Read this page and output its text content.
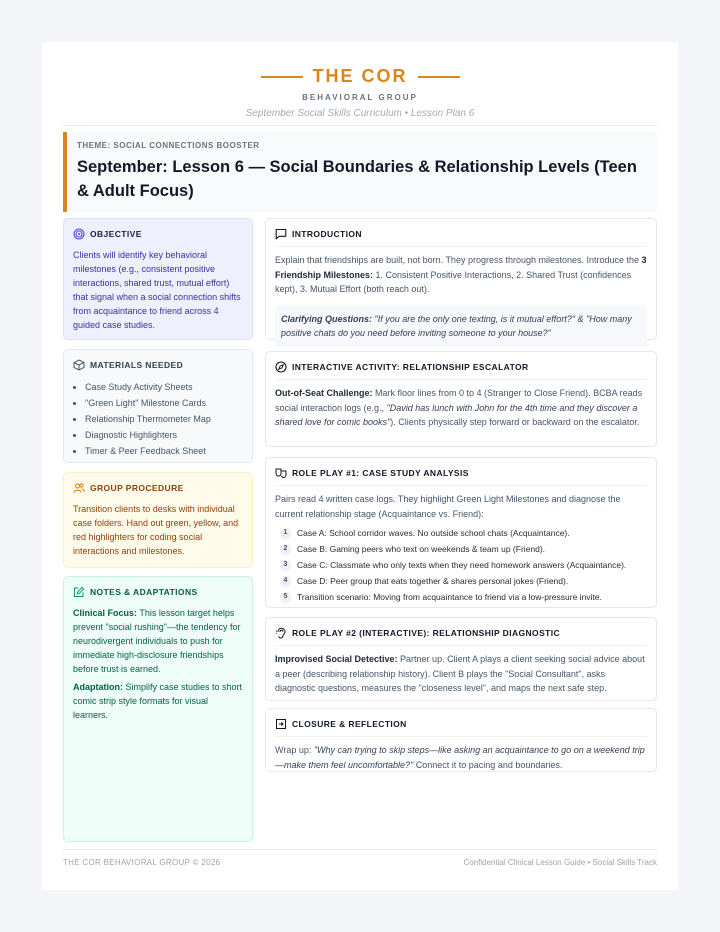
THE COR
BEHAVIORAL GROUP
September Social Skills Curriculum • Lesson Plan 6
THEME: SOCIAL CONNECTIONS BOOSTER
September: Lesson 6 — Social Boundaries & Relationship Levels (Teen & Adult Focus)
OBJECTIVE
Clients will identify key behavioral milestones (e.g., consistent positive interactions, shared trust, mutual effort) that signal when a social connection shifts from acquaintance to friend across 4 guided case studies.
MATERIALS NEEDED
• Case Study Activity Sheets
• "Green Light" Milestone Cards
• Relationship Thermometer Map
• Diagnostic Highlighters
• Timer & Peer Feedback Sheet
GROUP PROCEDURE
Transition clients to desks with individual case folders. Hand out green, yellow, and red highlighters for coding social interactions and milestones.
NOTES & ADAPTATIONS

Clinical Focus: This lesson target helps prevent "social rushing"—the tendency for neurodivergent individuals to push for immediate high-disclosure friendships before trust is earned.

Adaptation: Simplify case studies to short comic strip style formats for visual learners.

INTRODUCTION
Explain that friendships are built, not born. They progress through milestones. Introduce the 3 Friendship Milestones: 1. Consistent Positive Interactions, 2. Shared Trust (confidences kept), 3. Mutual Effort (both reach out).
Clarifying Questions: "If you are the only one texting, is it mutual effort?" & "How many positive chats do you need before inviting someone to your house?"
INTERACTIVE ACTIVITY: RELATIONSHIP ESCALATOR
Out-of-Seat Challenge: Mark floor lines from 0 to 4 (Stranger to Close Friend). BCBA reads social interaction logs (e.g., "David has lunch with John for the 4th time and they discover a shared love for comic books"). Clients physically step forward or backward on the escalator.
ROLE PLAY #1: CASE STUDY ANALYSIS
Pairs read 4 written case logs. They highlight Green Light Milestones and diagnose the current relationship stage (Acquaintance vs. Friend):
1	Case A: School corridor waves. No outside school chats (Acquaintance).
2	Case B: Gaming peers who text on weekends & team up (Friend).
3	Case C: Classmate who only texts when they need homework answers (Acquaintance).
4	Case D: Peer group that eats together & shares personal jokes (Friend).
5	Transition scenario: Moving from acquaintance to friend via a low-pressure invite.
ROLE PLAY #2 (INTERACTIVE): RELATIONSHIP DIAGNOSTIC
Improvised Social Detective: Partner up. Client A plays a client seeking social advice about a peer (describing relationship history). Client B plays the "Social Consultant", asks diagnostic questions, measures the "closeness level", and maps the next safe step.
CLOSURE & REFLECTION
Wrap up: "Why can trying to skip steps—like asking an acquaintance to go on a weekend trip—make them feel uncomfortable?" Connect it to pacing and boundaries.
THE COR BEHAVIORAL GROUP © 2026	Confidential Clinical Lesson Guide • Social Skills Track
